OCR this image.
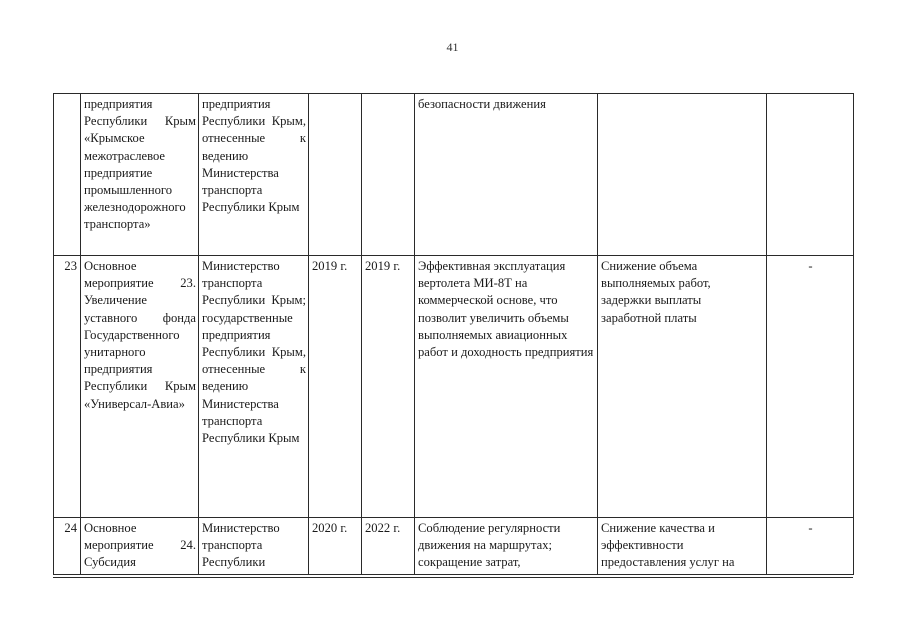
41
	предприятия Республики Крым «Крымское межотраслевое предприятие промышленного железнодорожного транспорта»	предприятия Республики Крым, отнесенные к ведению Министерства транспорта Республики Крым			безопасности движения		
23	Основное мероприятие 23. Увеличение уставного фонда Государственного унитарного предприятия Республики Крым «Универсал-Авиа»	Министерство транспорта Республики Крым; государственные предприятия Республики Крым, отнесенные к ведению Министерства транспорта Республики Крым	2019 г.	2019 г.	Эффективная эксплуатация вертолета МИ-8Т на коммерческой основе, что позволит увеличить объемы выполняемых авиационных работ и доходность предприятия	Снижение объема выполняемых работ, задержки выплаты заработной платы	-
24	Основное мероприятие 24. Субсидия	Министерство транспорта Республики	2020 г.	2022 г.	Соблюдение регулярности движения на маршрутах; сокращение затрат,	Снижение качества и эффективности предоставления услуг на	-
